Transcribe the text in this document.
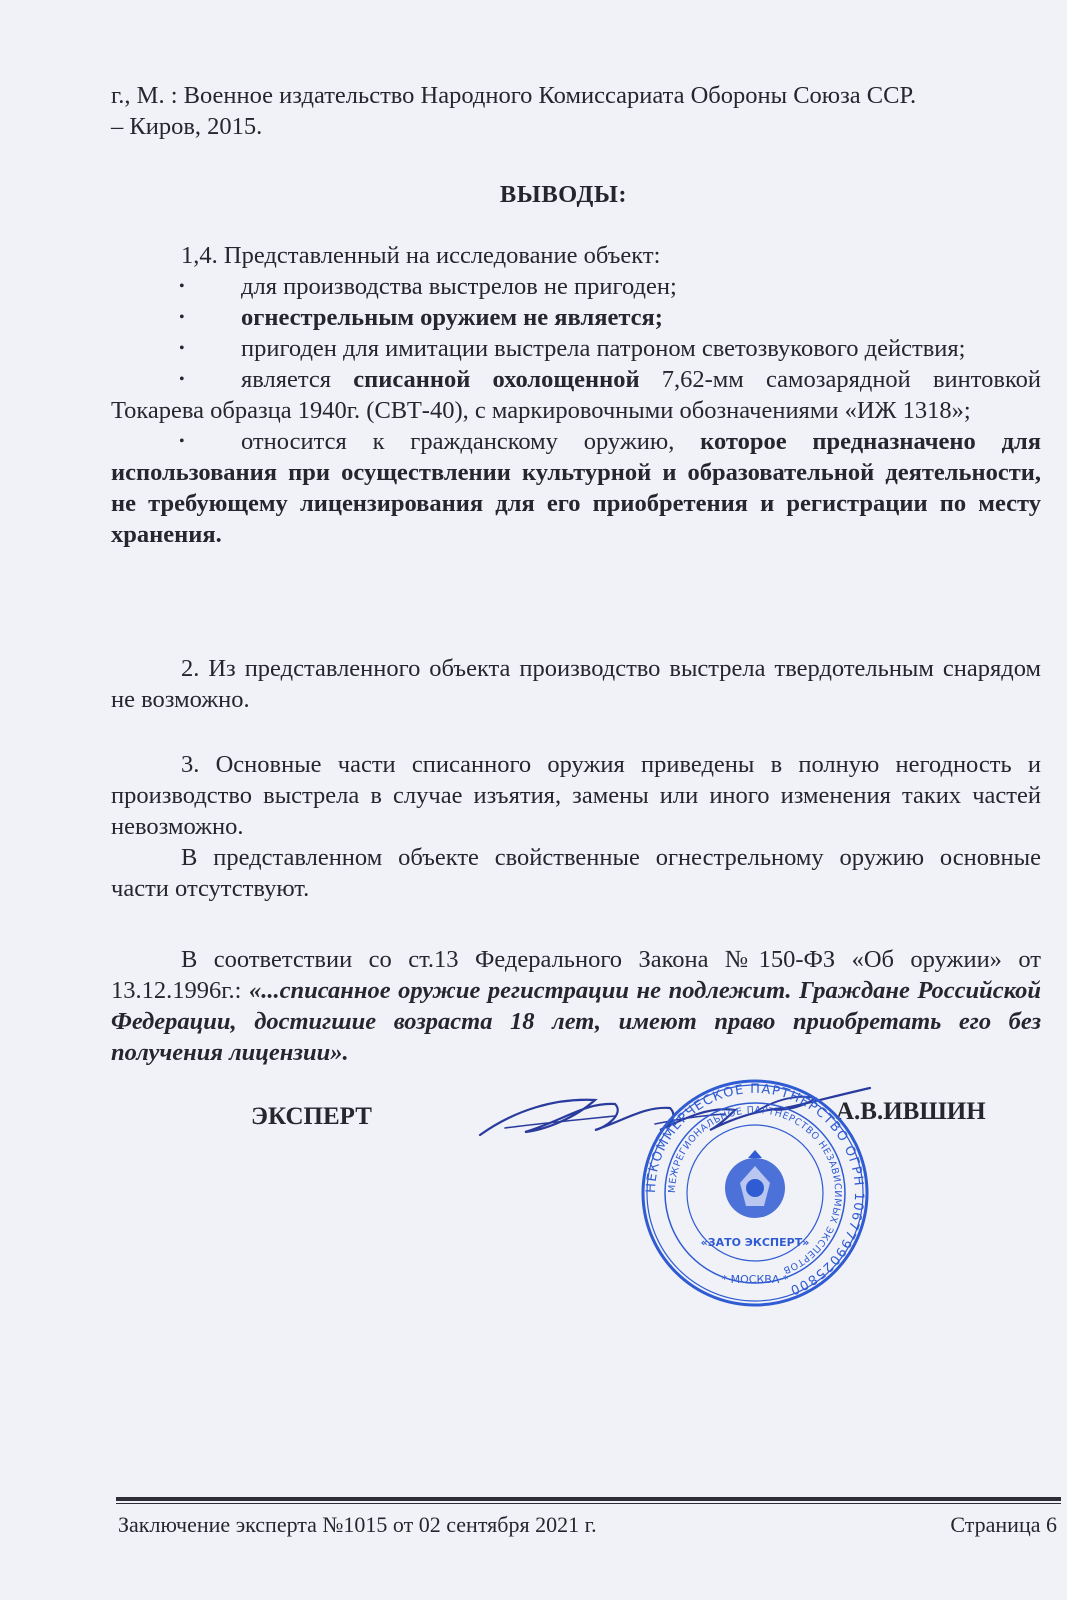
г., М. : Военное издательство Народного Комиссариата Обороны Союза ССР.

– Киров, 2015.

ВЫВОДЫ:

1,4. Представленный на исследование объект:

• для производства выстрелов не пригоден;

• огнестрельным оружием не является;

• пригоден для имитации выстрела патроном светозвукового действия;

• является списанной охолощенной 7,62-мм самозарядной винтовкой Токарева образца 1940г. (СВТ-40), с маркировочными обозначениями «ИЖ 1318»;

• относится к гражданскому оружию, которое предназначено для использования при осуществлении культурной и образовательной деятельности, не требующему лицензирования для его приобретения и регистрации по месту хранения.

2. Из представленного объекта производство выстрела твердотельным снарядом не возможно.

3. Основные части списанного оружия приведены в полную негодность и производство выстрела в случае изъятия, замены или иного изменения таких частей невозможно.

В представленном объекте свойственные огнестрельному оружию основные части отсутствуют.

В соответствии со ст.13 Федерального Закона №150-ФЗ «Об оружии» от 13.12.1996г.: «...списанное оружие регистрации не подлежит. Граждане Российской Федерации, достигшие возраста 18 лет, имеют право приобретать его без получения лицензии».

ЭКСПЕРТ	А.В.ИВШИН
НЕКОММЕРЧЕСКОЕ ПАРТНЕРСТВО ОГРН 1067799025800
МЕЖРЕГИОНАЛЬНОЕ ПАРТНЕРСТВО НЕЗАВИСИМЫХ ЭКСПЕРТОВ
«ЗАТО ЭКСПЕРТ»
* МОСКВА *
Заключение эксперта №1015 от 02 сентября 2021 г.	Страница 6
